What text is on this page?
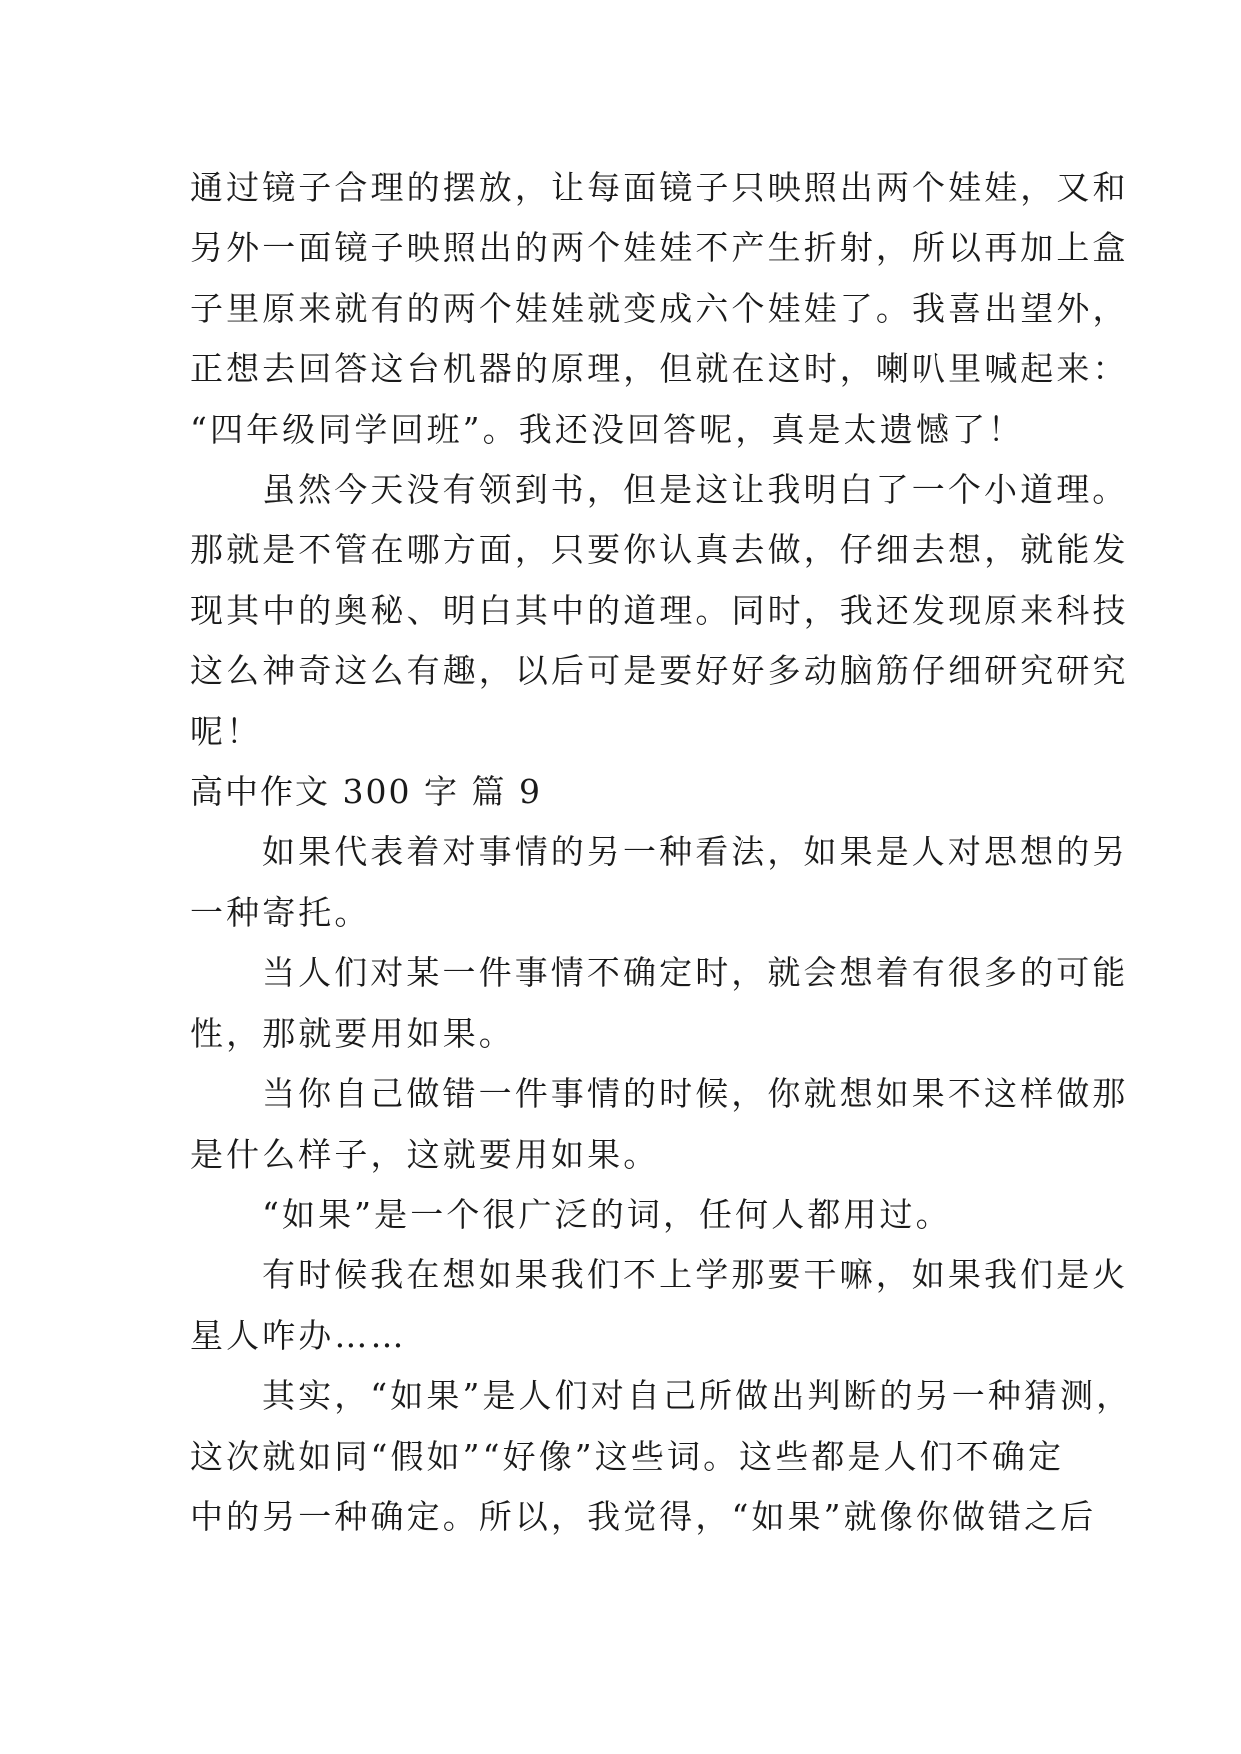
通过镜子合理的摆放，让每面镜子只映照出两个娃娃，又和

另外一面镜子映照出的两个娃娃不产生折射，所以再加上盒

子里原来就有的两个娃娃就变成六个娃娃了。我喜出望外，

正想去回答这台机器的原理，但就在这时，喇叭里喊起来：

“四年级同学回班”。我还没回答呢，真是太遗憾了！

虽然今天没有领到书，但是这让我明白了一个小道理。

那就是不管在哪方面，只要你认真去做，仔细去想，就能发

现其中的奥秘、明白其中的道理。同时，我还发现原来科技

这么神奇这么有趣，以后可是要好好多动脑筋仔细研究研究

呢！

高中作文 300 字 篇 9

如果代表着对事情的另一种看法，如果是人对思想的另

一种寄托。

当人们对某一件事情不确定时，就会想着有很多的可能

性，那就要用如果。

当你自己做错一件事情的时候，你就想如果不这样做那

是什么样子，这就要用如果。

“如果”是一个很广泛的词，任何人都用过。

有时候我在想如果我们不上学那要干嘛，如果我们是火

星人咋办……

其实，“如果”是人们对自己所做出判断的另一种猜测，

这次就如同“假如”“好像”这些词。这些都是人们不确定

中的另一种确定。所以，我觉得，“如果”就像你做错之后
